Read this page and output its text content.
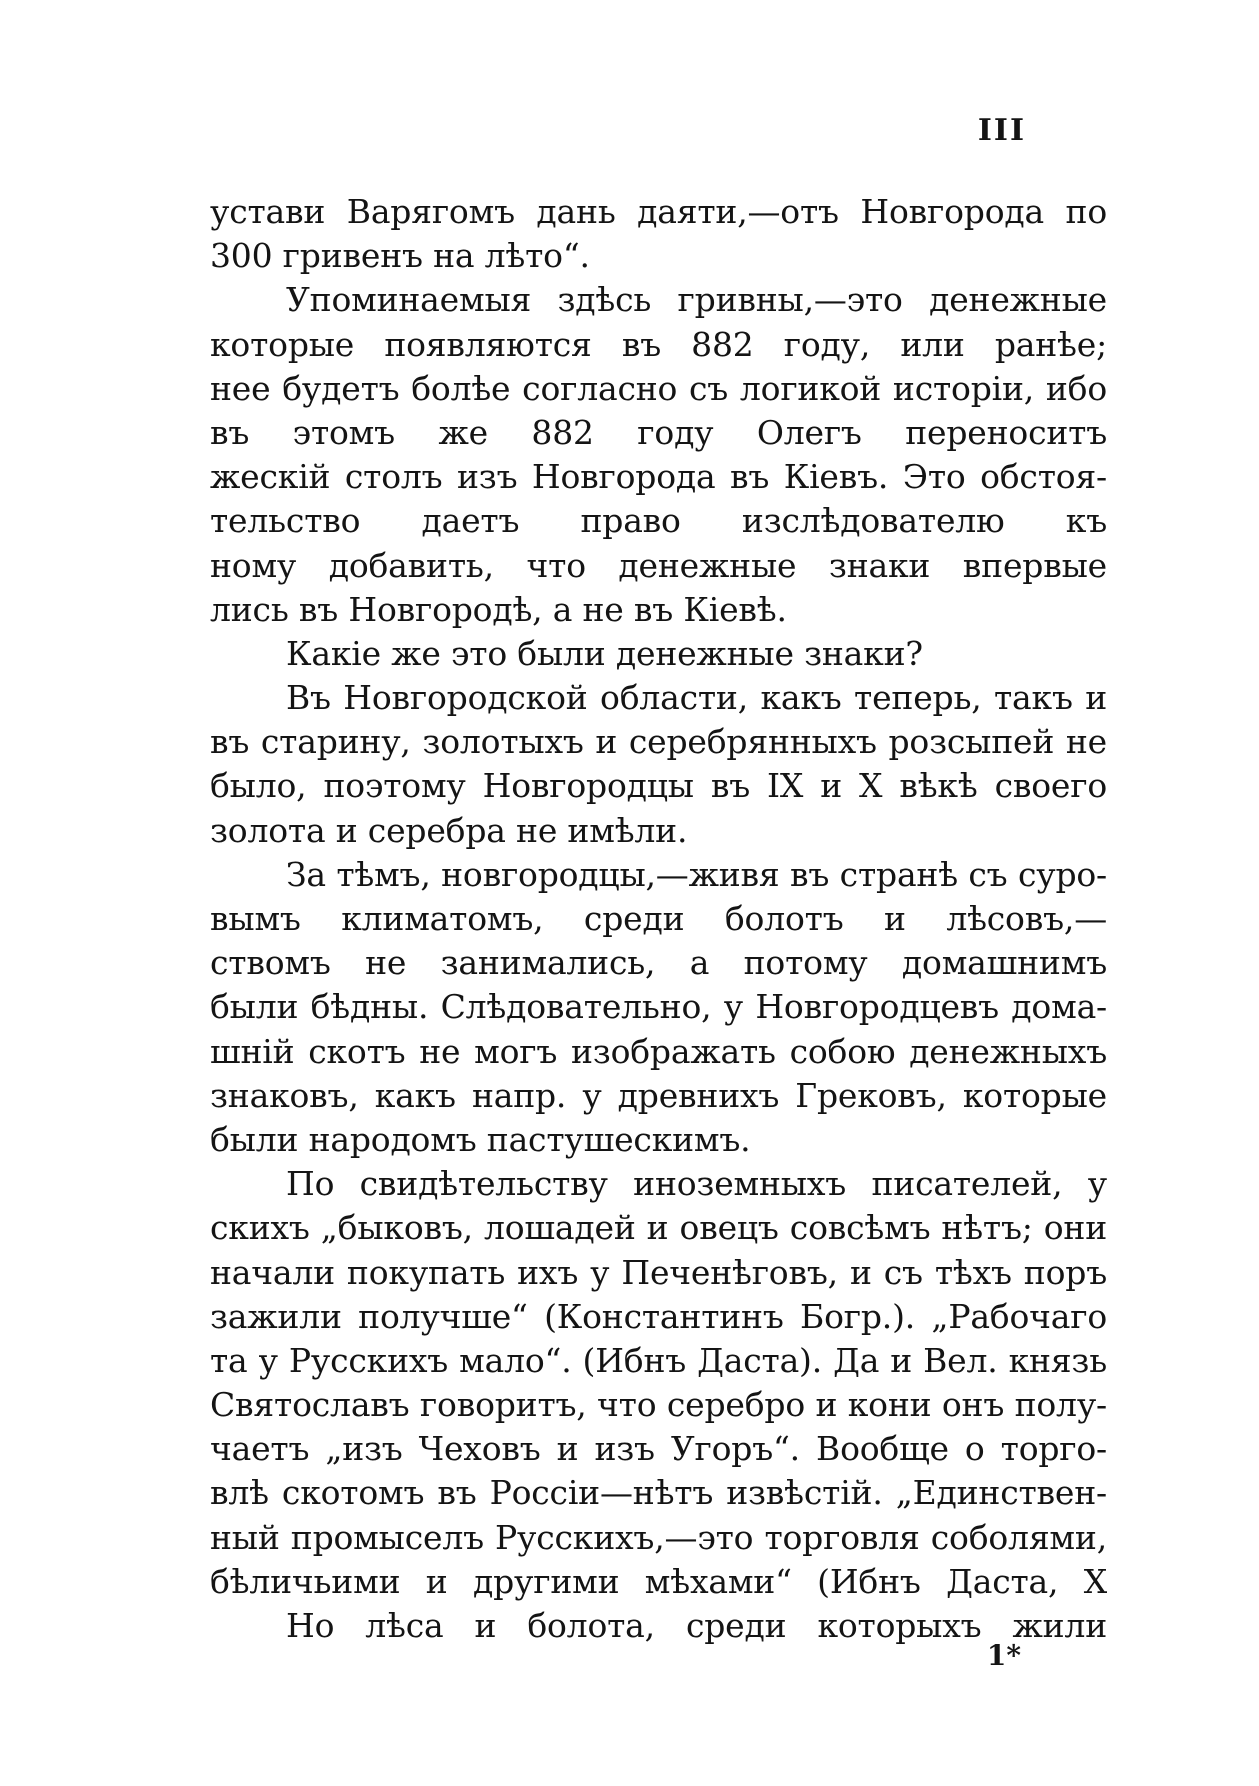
III
устави Варягомъ дань даяти,—отъ Новгорода по
300 гривенъ на лѣто“.
Упоминаемыя здѣсь гривны,—это денежные
которые появляются въ 882 году, или ранѣе;
нее будетъ болѣе согласно съ логикой исторіи, ибо
въ этомъ же 882 году Олегъ переноситъ
жескій столъ изъ Новгорода въ Кіевъ. Это обстоя-
тельство даетъ право изслѣдователю къ
ному добавить, что денежные знаки впервые
лись въ Новгородѣ, а не въ Кіевѣ.
Какіе же это были денежные знаки?
Въ Новгородской области, какъ теперь, такъ и
въ старину, золотыхъ и серебрянныхъ розсыпей не
было, поэтому Новгородцы въ IX и X вѣкѣ своего
золота и серебра не имѣли.
За тѣмъ, новгородцы,—живя въ странѣ съ суро-
вымъ климатомъ, среди болотъ и лѣсовъ,—
ствомъ не занимались, а потому домашнимъ
были бѣдны. Слѣдовательно, у Новгородцевъ дома-
шній скотъ не могъ изображать собою денежныхъ
знаковъ, какъ напр. у древнихъ Грековъ, которые
были народомъ пастушескимъ.
По свидѣтельству иноземныхъ писателей, у
скихъ „быковъ, лошадей и овецъ совсѣмъ нѣтъ; они
начали покупать ихъ у Печенѣговъ, и съ тѣхъ поръ
зажили получше“ (Константинъ Богр.). „Рабочаго
та у Русскихъ мало“. (Ибнъ Даста). Да и Вел. князь
Святославъ говоритъ, что серебро и кони онъ полу-
чаетъ „изъ Чеховъ и изъ Угоръ“. Вообще о торго-
влѣ скотомъ въ Россіи—нѣтъ извѣстій. „Единствен-
ный промыселъ Русскихъ,—это торговля соболями,
бѣличьими и другими мѣхами“ (Ибнъ Даста, X
Но лѣса и болота, среди которыхъ жили
1*
